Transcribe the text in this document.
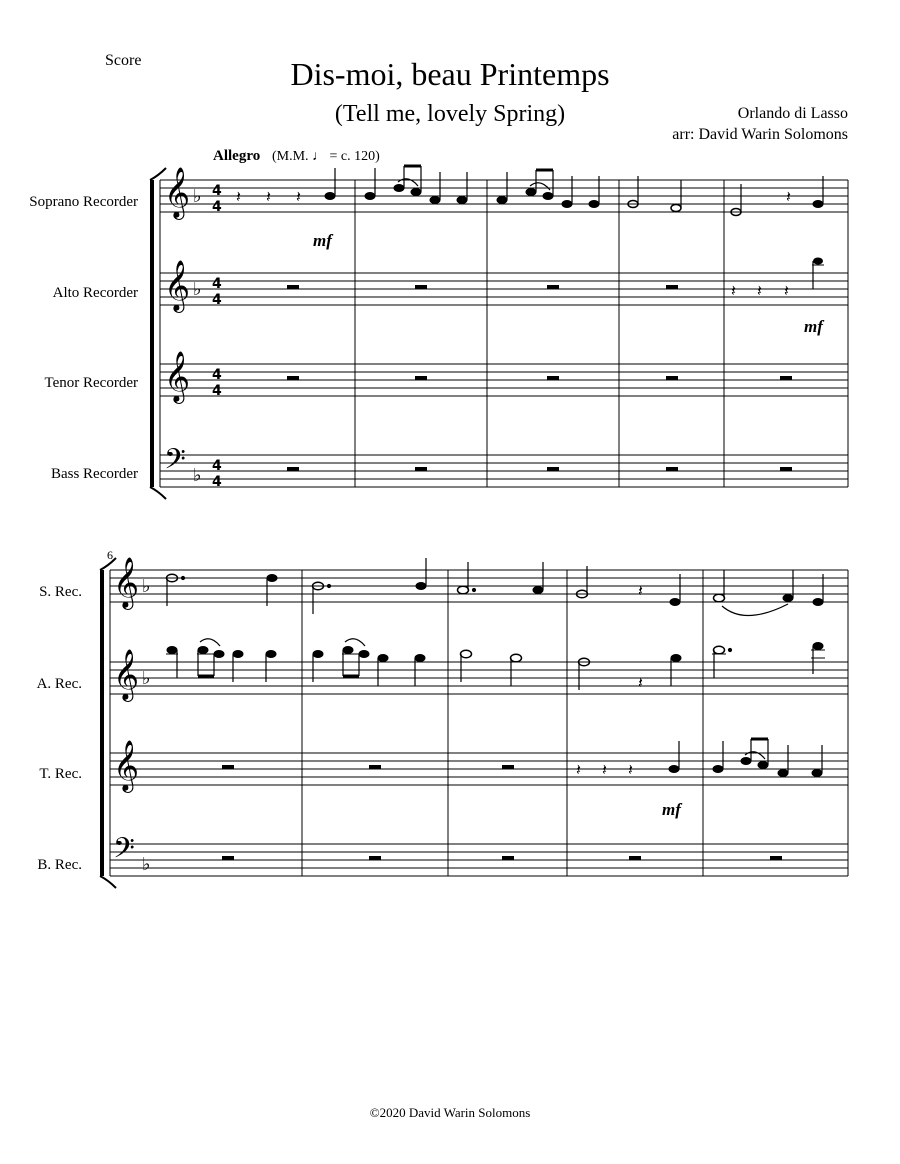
Score	Dis-moi, beau Printemps
(Tell me, lovely Spring)	Orlando di Lasso
arr: David Warin Solomons
Allegro (M.M. ♩ = c. 120)
Soprano Recorder
Alto Recorder
Tenor Recorder
Bass Recorder
𝄞
𝄞
𝄞
𝄢
♭
♭
♭
4
4
4
4
4
4
4
4
𝄽 𝄽 𝄽	𝄽
mf
𝄽 𝄽 𝄽
mf
6
S. Rec.
A. Rec.
T. Rec.
B. Rec.
𝄞
𝄞
𝄞
𝄢
♭
♭
♭
𝄽
𝄽
𝄽 𝄽 𝄽
mf
©2020 David Warin Solomons
